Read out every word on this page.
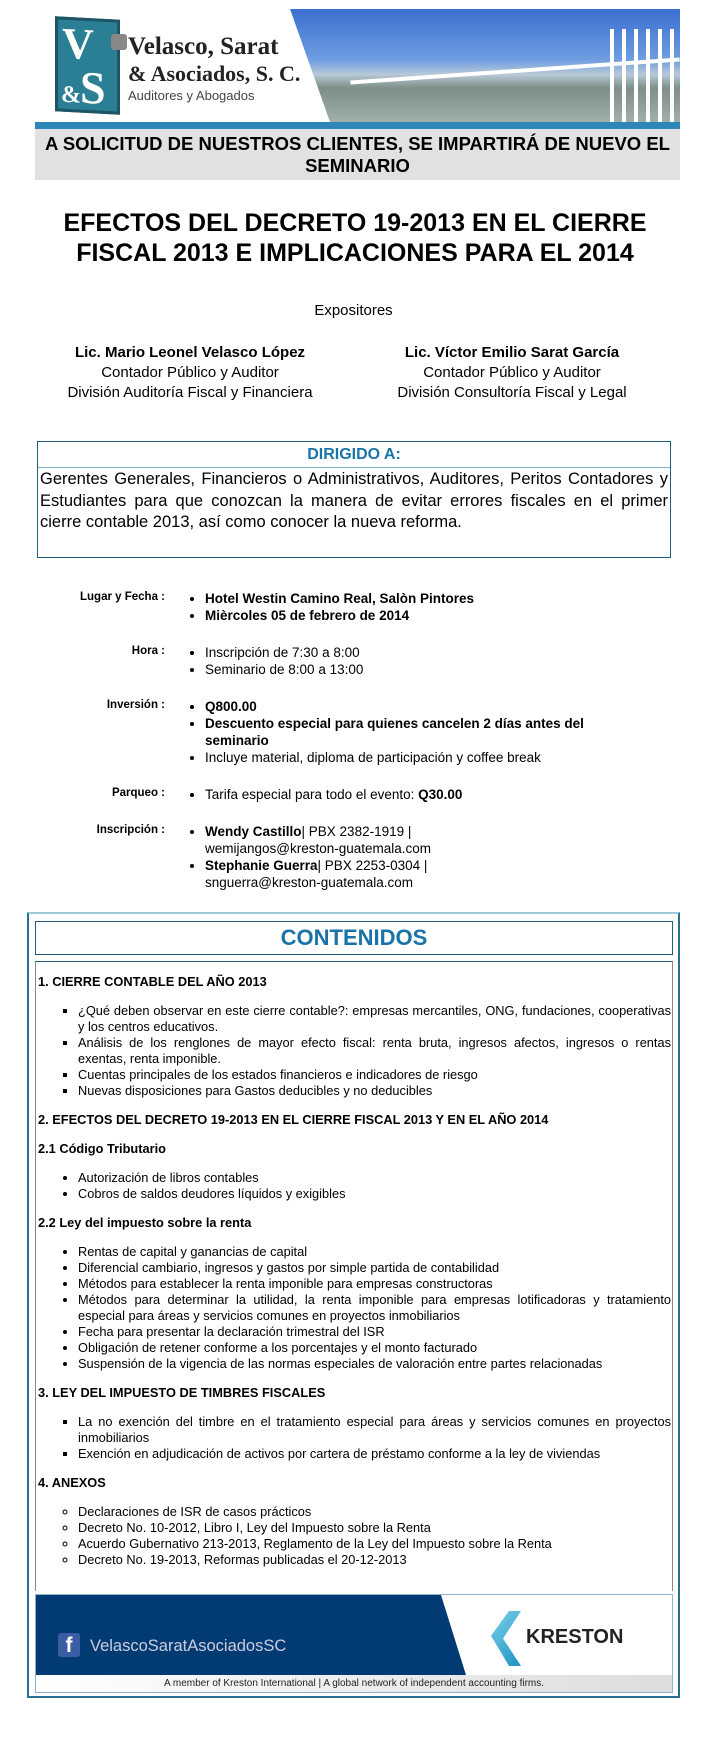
V
& S
Velasco, Sarat
& Asociados, S. C.
Auditores y Abogados
A SOLICITUD DE NUESTROS CLIENTES, SE IMPARTIRÁ DE NUEVO EL SEMINARIO
EFECTOS DEL DECRETO 19-2013 EN EL CIERRE FISCAL 2013 E IMPLICACIONES PARA EL 2014
Expositores
Lic. Mario Leonel Velasco López
Contador Público y Auditor
División Auditoría Fiscal y Financiera
Lic. Víctor Emilio Sarat García
Contador Público y Auditor
División Consultoría Fiscal y Legal
DIRIGIDO A:
Gerentes Generales, Financieros o Administrativos, Auditores, Peritos Contadores y Estudiantes para que conozcan la manera de evitar errores fiscales en el primer cierre contable 2013, así como conocer la nueva reforma.
Lugar y Fecha :	• Hotel Westin Camino Real, Salòn Pintores
• Mièrcoles 05 de febrero de 2014
Hora :	• Inscripción de 7:30 a 8:00
• Seminario de 8:00 a 13:00
Inversión :	• Q800.00
• Descuento especial para quienes cancelen 2 días antes del seminario
• Incluye material, diploma de participación y coffee break
Parqueo :	• Tarifa especial para todo el evento: Q30.00
Inscripción :	• Wendy Castillo| PBX 2382-1919 | wemijangos@kreston-guatemala.com
• Stephanie Guerra| PBX 2253-0304 | snguerra@kreston-guatemala.com
CONTENIDOS
1. CIERRE CONTABLE DEL AÑO 2013
▪ ¿Qué deben observar en este cierre contable?: empresas mercantiles, ONG, fundaciones, cooperativas y los centros educativos.
▪ Análisis de los renglones de mayor efecto fiscal: renta bruta, ingresos afectos, ingresos o rentas exentas, renta imponible.
▪ Cuentas principales de los estados financieros e indicadores de riesgo
▪ Nuevas disposiciones para Gastos deducibles y no deducibles
2. EFECTOS DEL DECRETO 19-2013 EN EL CIERRE FISCAL 2013 Y EN EL AÑO 2014
2.1 Código Tributario
• Autorización de libros contables
• Cobros de saldos deudores líquidos y exigibles
2.2 Ley del impuesto sobre la renta
• Rentas de capital y ganancias de capital
• Diferencial cambiario, ingresos y gastos por simple partida de contabilidad
• Métodos para establecer la renta imponible para empresas constructoras
• Métodos para determinar la utilidad, la renta imponible para empresas lotificadoras y tratamiento especial para áreas y servicios comunes en proyectos inmobiliarios
• Fecha para presentar la declaración trimestral del ISR
• Obligación de retener conforme a los porcentajes y el monto facturado
• Suspensión de la vigencia de las normas especiales de valoración entre partes relacionadas
3. LEY DEL IMPUESTO DE TIMBRES FISCALES
▪ La no exención del timbre en el tratamiento especial para áreas y servicios comunes en proyectos inmobiliarios
▪ Exención en adjudicación de activos por cartera de préstamo conforme a la ley de viviendas
4. ANEXOS
◦ Declaraciones de ISR de casos prácticos
◦ Decreto No. 10-2012, Libro I, Ley del Impuesto sobre la Renta
◦ Acuerdo Gubernativo 213-2013, Reglamento de la Ley del Impuesto sobre la Renta
◦ Decreto No. 19-2013, Reformas publicadas el 20-12-2013
f	VelascoSaratAsociadosSC	KRESTON
A member of Kreston International | A global network of independent accounting firms.
